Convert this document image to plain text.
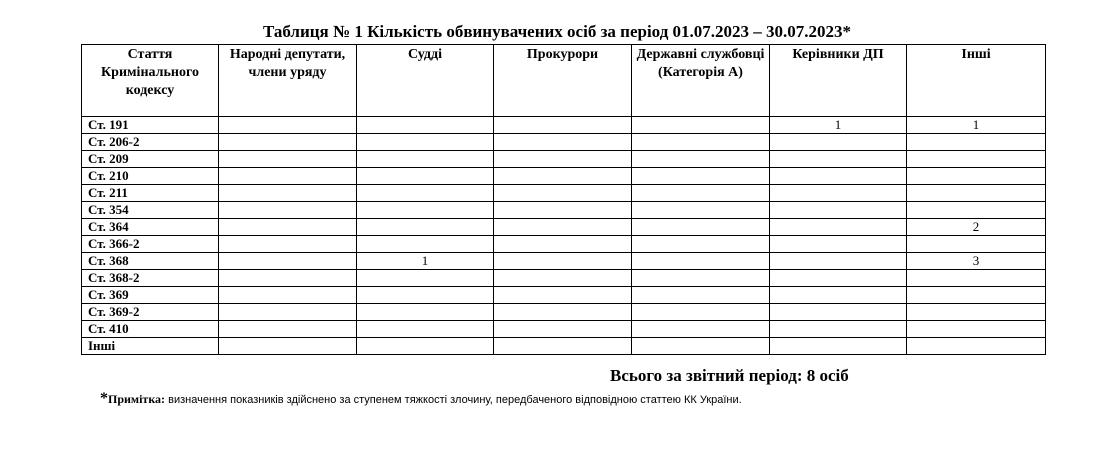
Таблиця № 1 Кількість обвинувачених осіб за період 01.07.2023 – 30.07.2023*
Стаття Кримінального кодексу	Народні депутати, члени уряду	Судді	Прокурори	Державні службовці (Категорія А)	Керівники ДП	Інші
Ст. 191					1	1
Ст. 206-2						
Ст. 209						
Ст. 210						
Ст. 211						
Ст. 354						
Ст. 364						2
Ст. 366-2						
Ст. 368		1				3
Ст. 368-2						
Ст. 369						
Ст. 369-2						
Ст. 410						
Інші						
Всього за звітний період: 8 осіб
*Примітка: визначення показників здійснено за ступенем тяжкості злочину, передбаченого відповідною статтею КК України.
